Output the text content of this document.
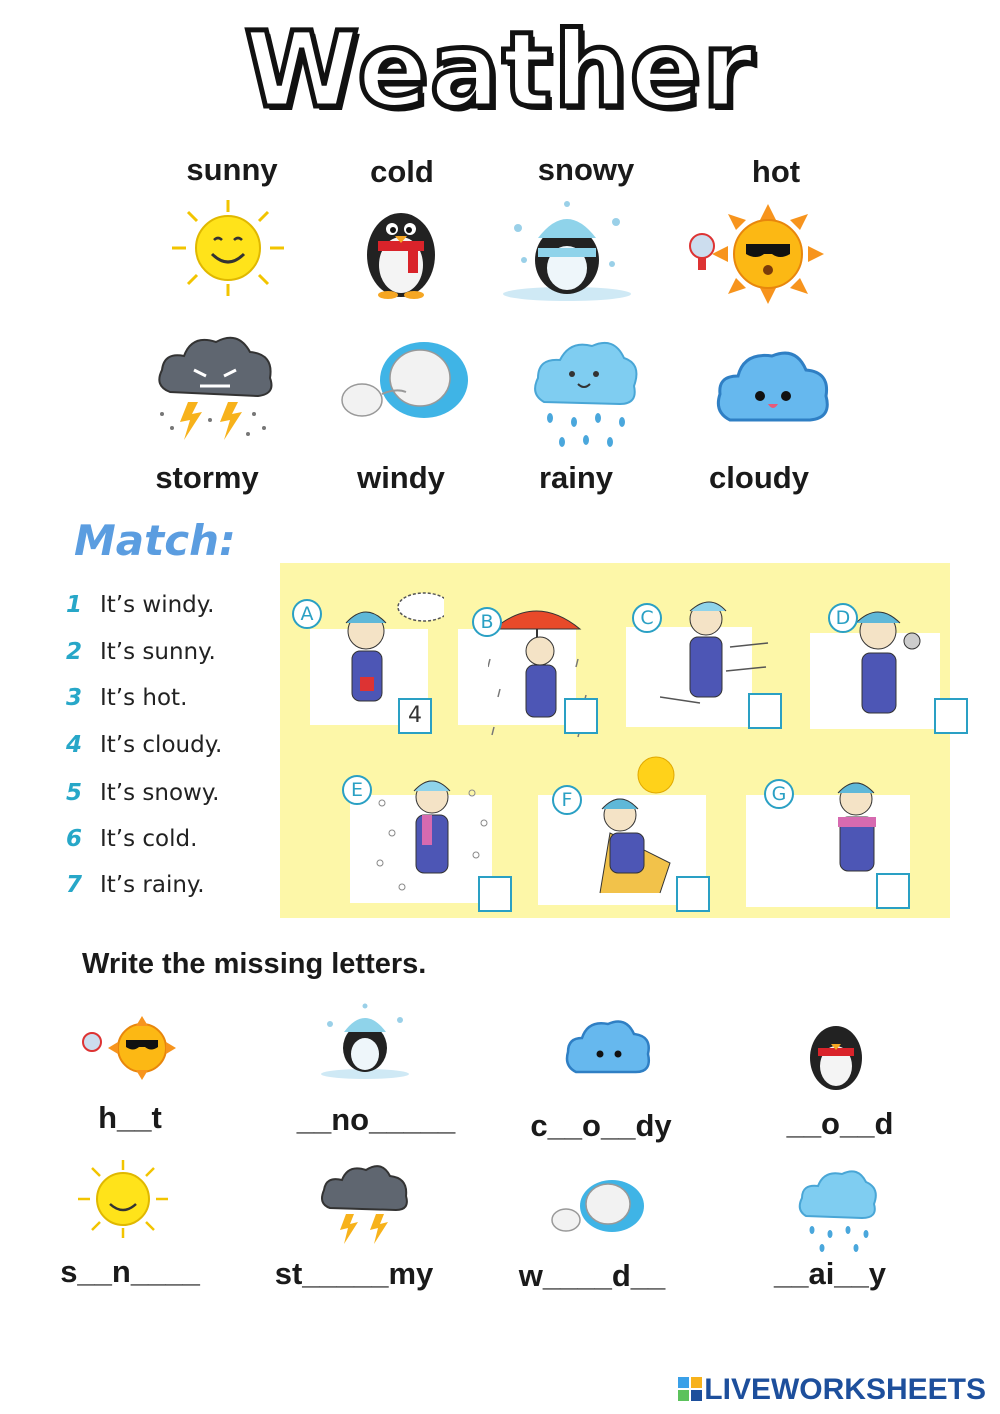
Weather
sunny	cold	snowy	hot
stormy	windy	rainy	cloudy
Match:
1 It’s windy.
2 It’s sunny.
3 It’s hot.
4 It’s cloudy.
5 It’s snowy.
6 It’s cold.
7 It’s rainy.
A	B	C	D
E	F	G
4
Write the missing letters.
h__t	__no_____	c__o__dy	__o__d
s__n____	st_____my	w____d__	__ai__y
LIVEWORKSHEETS
